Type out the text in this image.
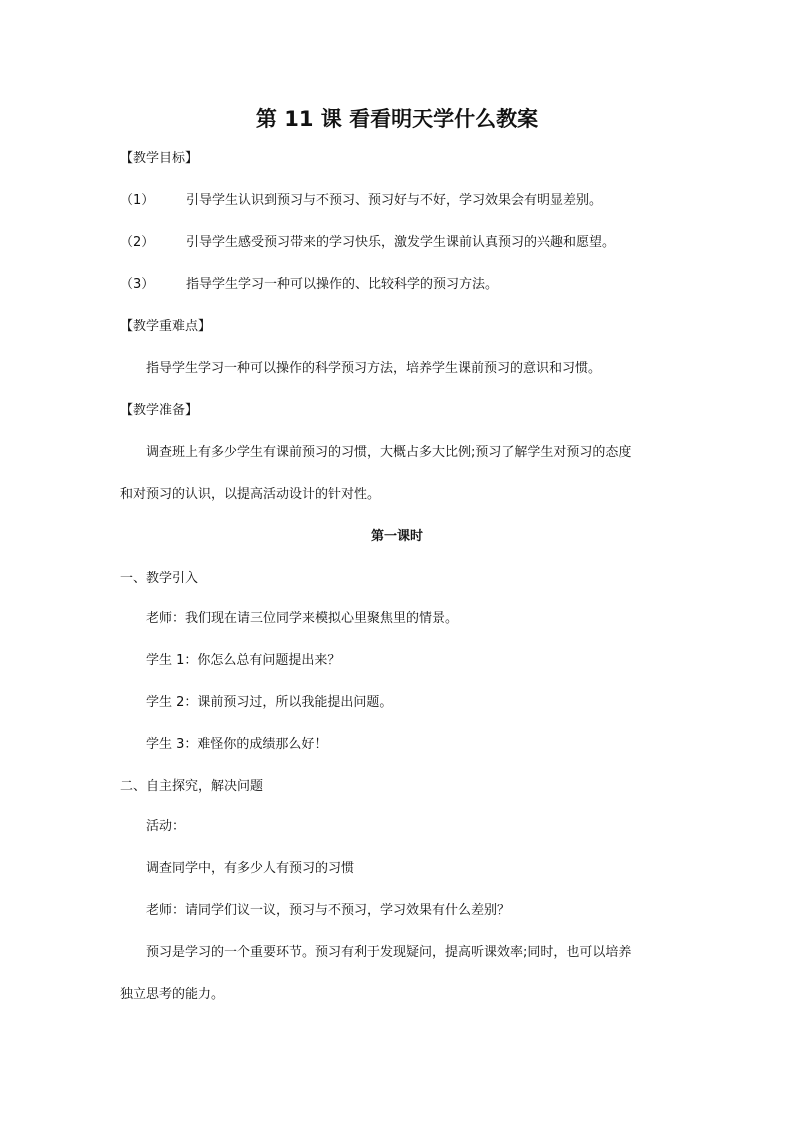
第 11 课 看看明天学什么教案
【教学目标】
（1） 引导学生认识到预习与不预习、预习好与不好，学习效果会有明显差别。
（2） 引导学生感受预习带来的学习快乐，激发学生课前认真预习的兴趣和愿望。
（3） 指导学生学习一种可以操作的、比较科学的预习方法。
【教学重难点】
指导学生学习一种可以操作的科学预习方法，培养学生课前预习的意识和习惯。
【教学准备】
调查班上有多少学生有课前预习的习惯，大概占多大比例;预习了解学生对预习的态度
和对预习的认识，以提高活动设计的针对性。
第一课时
一、教学引入
老师：我们现在请三位同学来模拟心里聚焦里的情景。
学生 1：你怎么总有问题提出来？
学生 2：课前预习过，所以我能提出问题。
学生 3：难怪你的成绩那么好！
二、自主探究，解决问题
活动：
调查同学中，有多少人有预习的习惯
老师：请同学们议一议，预习与不预习，学习效果有什么差别？
预习是学习的一个重要环节。预习有利于发现疑问，提高听课效率;同时，也可以培养
独立思考的能力。
